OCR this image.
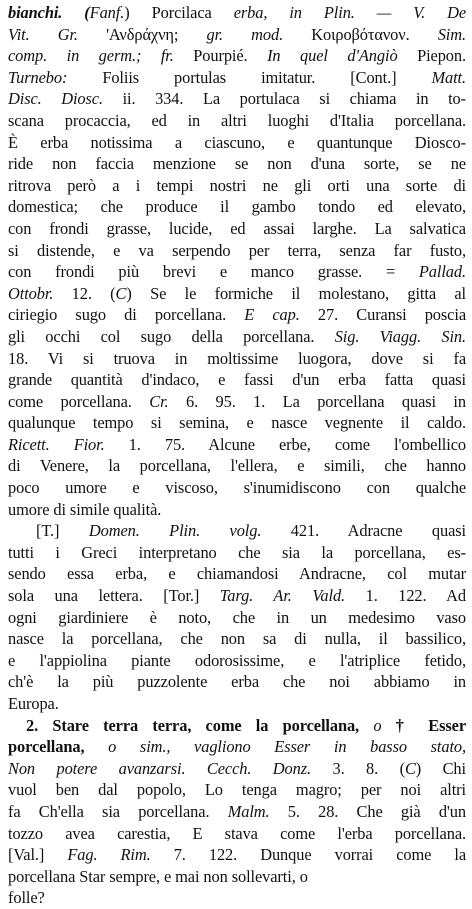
bianchi. (Fanf.) Porcilaca erba, in Plin. — V. De
Vit. Gr. 'Ανδράχνη; gr. mod. Κοιροβότανον. Sim.
comp. in germ.; fr. Pourpié. In quel d'Angiò Piepon.
Turnebo: Foliis portulas imitatur. [Cont.] Matt.
Disc. Diosc. ii. 334. La portulaca si chiama in to-
scana procaccia, ed in altri luoghi d'Italia porcellana.
È erba notissima a ciascuno, e quantunque Diosco-
ride non faccia menzione se non d'una sorte, se ne
ritrova però a i tempi nostri ne gli orti una sorte di
domestica; che produce il gambo tondo ed elevato,
con frondi grasse, lucide, ed assai larghe. La salvatica
si distende, e va serpendo per terra, senza far fusto,
con frondi più brevi e manco grasse. = Pallad.
Ottobr. 12. (C) Se le formiche il molestano, gitta al
ciriegio sugo di porcellana. E cap. 27. Curansi poscia
gli occhi col sugo della porcellana. Sig. Viagg. Sin.
18. Vi si truova in moltissime luogora, dove si fa
grande quantità d'indaco, e fassi d'un erba fatta quasi
come porcellana. Cr. 6. 95. 1. La porcellana quasi in
qualunque tempo si semina, e nasce vegnente il caldo.
Ricett. Fior. 1. 75. Alcune erbe, come l'ombellico
di Venere, la porcellana, l'ellera, e simili, che hanno
poco umore e viscoso, s'inumidiscono con qualche
umore di simile qualità.
[T.] Domen. Plin. volg. 421. Adracne quasi
tutti i Greci interpretano che sia la porcellana, es-
sendo essa erba, e chiamandosi Andracne, col mutar
sola una lettera. [Tor.] Targ. Ar. Vald. 1. 122. Ad
ogni giardiniere è noto, che in un medesimo vaso
nasce la porcellana, che non sa di nulla, il bassilico,
e l'appiolina piante odorosissime, e l'atriplice fetido,
ch'è la più puzzolente erba che noi abbiamo in
Europa.
2. Stare terra terra, come la porcellana, o † Esser
porcellana, o sim., vagliono Esser in basso stato,
Non potere avanzarsi. Cecch. Donz. 3. 8. (C) Chi
vuol ben dal popolo, Lo tenga magro; per noi altri
fa Ch'ella sia porcellana. Malm. 5. 28. Che già d'un
tozzo avea carestia, E stava come l'erba porcellana.
[Val.] Fag. Rim. 7. 122. Dunque vorrai come la
porcellana Star sempre, e mai non sollevarti, o
folle?
